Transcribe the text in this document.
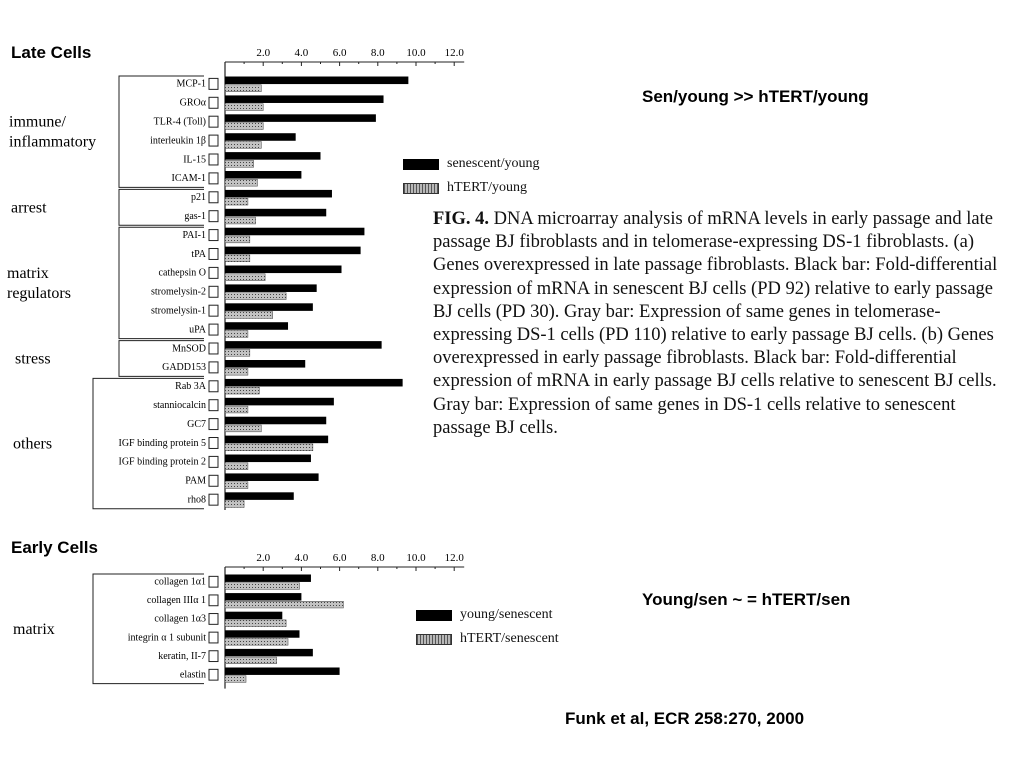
Late Cells
Early Cells
Sen/young >> hTERT/young
Young/sen ~ = hTERT/sen
Funk et al, ECR 258:270, 2000
2.0 4.0 6.0 8.0 10.0 12.0
MCP-1
GROα
TLR-4 (Toll)
interleukin 1β
IL-15
ICAM-1
p21
gas-1
PAI-1
tPA
cathepsin O
stromelysin-2
stromelysin-1
uPA
MnSOD
GADD153
Rab 3A
stanniocalcin
GC7
IGF binding protein 5
IGF binding protein 2
PAM
rho8
immune/
inflammatory
arrest
matrix
regulators
stress
others
2.0 4.0 6.0 8.0 10.0 12.0
collagen 1α1
collagen IIIα 1
collagen 1α3
integrin α 1 subunit
keratin, II-7
elastin
matrix
senescent/young
hTERT/young
young/senescent
hTERT/senescent
FIG. 4. DNA microarray analysis of mRNA levels in early passage and late passage BJ fibroblasts and in telomerase-expressing DS-1 fibroblasts. (a) Genes overexpressed in late passage fibroblasts. Black bar: Fold-differential expression of mRNA in senescent BJ cells (PD 92) relative to early passage BJ cells (PD 30). Gray bar: Expression of same genes in telomerase-expressing DS-1 cells (PD 110) relative to early passage BJ cells. (b) Genes overexpressed in early passage fibroblasts. Black bar: Fold-differential expression of mRNA in early passage BJ cells relative to senescent BJ cells. Gray bar: Expression of same genes in DS-1 cells relative to senescent passage BJ cells.
